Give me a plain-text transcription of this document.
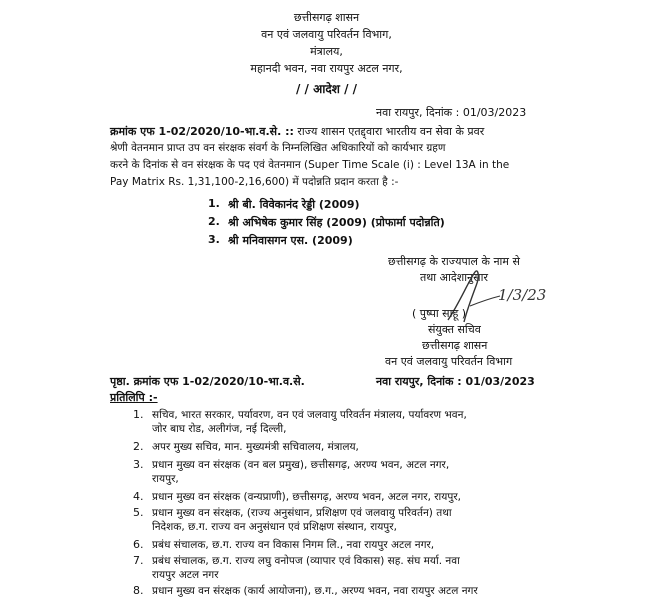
छत्तीसगढ़ शासन
वन एवं जलवायु परिवर्तन विभाग,
मंत्रालय,
महानदी भवन, नवा रायपुर अटल नगर,
/ / आदेश / /
नवा रायपुर, दिनांक : 01/03/2023
क्रमांक एफ 1-02/2020/10-भा.व.से. :: राज्य शासन एतद्द्वारा भारतीय वन सेवा के प्रवर
श्रेणी वेतनमान प्राप्त उप वन संरक्षक संवर्ग के निम्नलिखित अधिकारियों को कार्यभार ग्रहण
करने के दिनांक से वन संरक्षक के पद एवं वेतनमान (Super Time Scale (i) : Level 13A in the
Pay Matrix Rs. 1,31,100-2,16,600) में पदोन्नति प्रदान करता है :-
1. श्री बी. विवेकानंद रेड्डी (2009)
2. श्री अभिषेक कुमार सिंह (2009) (प्रोफार्मा पदोन्नति)
3. श्री मनिवासगन एस. (2009)
छत्तीसगढ़ के राज्यपाल के नाम से
तथा आदेशानुसार
1/3/23
( पुष्पा साहू )
संयुक्त सचिव
छत्तीसगढ़ शासन
वन एवं जलवायु परिवर्तन विभाग
पृष्ठा. क्रमांक एफ 1-02/2020/10-भा.व.से.	नवा रायपुर, दिनांक : 01/03/2023
प्रतिलिपि :-
1. सचिव, भारत सरकार, पर्यावरण, वन एवं जलवायु परिवर्तन मंत्रालय, पर्यावरण भवन,
जोर बाघ रोड, अलीगंज, नई दिल्ली,
2. अपर मुख्य सचिव, मान. मुख्यमंत्री सचिवालय, मंत्रालय,
3. प्रधान मुख्य वन संरक्षक (वन बल प्रमुख), छत्तीसगढ़, अरण्य भवन, अटल नगर,
रायपुर,
4. प्रधान मुख्य वन संरक्षक (वन्यप्राणी), छत्तीसगढ़, अरण्य भवन, अटल नगर, रायपुर,
5. प्रधान मुख्य वन संरक्षक, (राज्य अनुसंधान, प्रशिक्षण एवं जलवायु परिवर्तन) तथा
निदेशक, छ.ग. राज्य वन अनुसंधान एवं प्रशिक्षण संस्थान, रायपुर,
6. प्रबंध संचालक, छ.ग. राज्य वन विकास निगम लि., नवा रायपुर अटल नगर,
7. प्रबंध संचालक, छ.ग. राज्य लघु वनोपज (व्यापार एवं विकास) सह. संघ मर्या. नवा
रायपुर अटल नगर
8. प्रधान मुख्य वन संरक्षक (कार्य आयोजना), छ.ग., अरण्य भवन, नवा रायपुर अटल नगर
